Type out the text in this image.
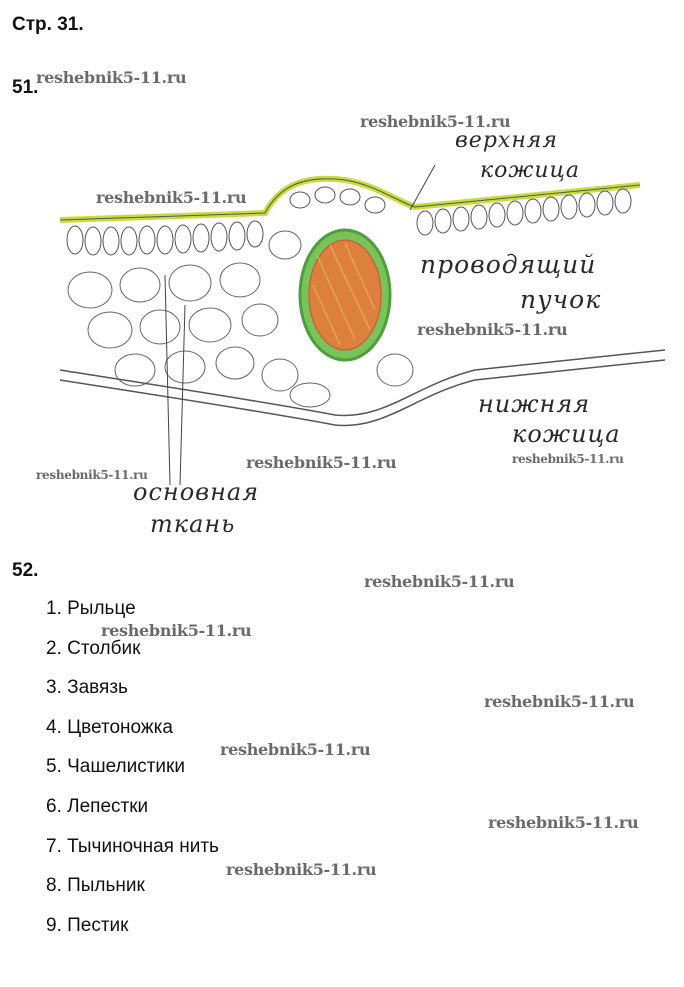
Стр. 31.
51.
верхняя
кожица
проводящий
пучок
нижняя
кожица
основная
ткань
52.
1. Рыльце
2. Столбик
3. Завязь
4. Цветоножка
5. Чашелистики
6. Лепестки
7. Тычиночная нить
8. Пыльник
9. Пестик
reshebnik5-11.ru
reshebnik5-11.ru
reshebnik5-11.ru
reshebnik5-11.ru
reshebnik5-11.ru
reshebnik5-11.ru
reshebnik5-11.ru
reshebnik5-11.ru
reshebnik5-11.ru
reshebnik5-11.ru
reshebnik5-11.ru
reshebnik5-11.ru
reshebnik5-11.ru
